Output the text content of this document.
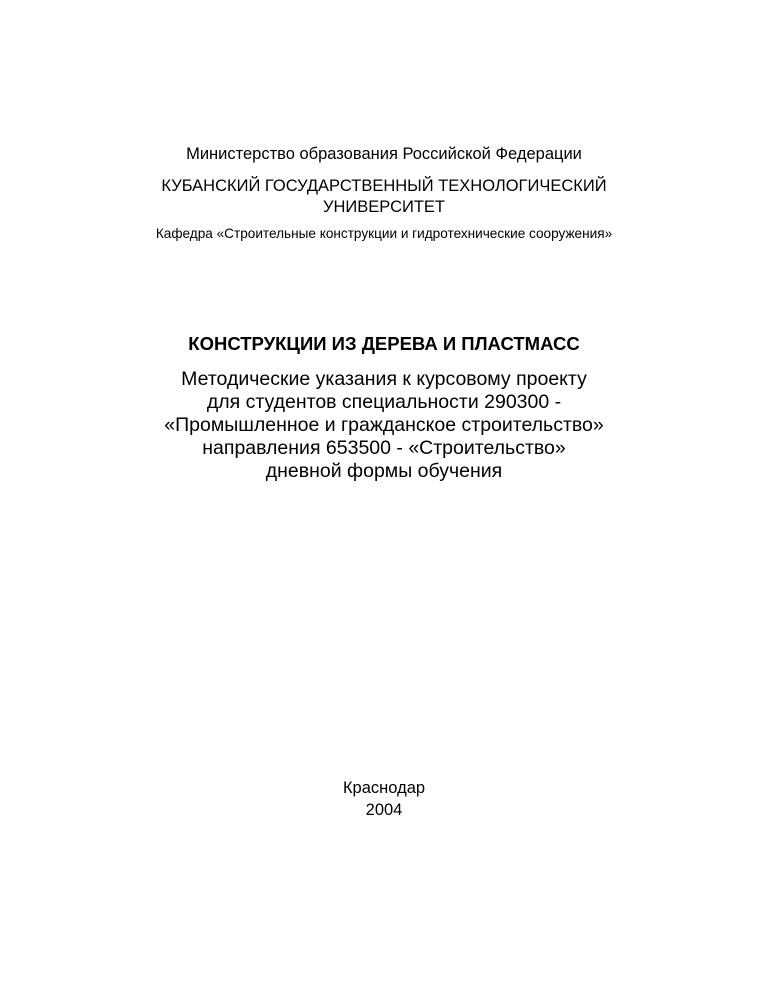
Министерство образования Российской Федерации
КУБАНСКИЙ ГОСУДАРСТВЕННЫЙ ТЕХНОЛОГИЧЕСКИЙ
УНИВЕРСИТЕТ
Кафедра «Строительные конструкции и гидротехнические сооружения»
КОНСТРУКЦИИ ИЗ ДЕРЕВА И ПЛАСТМАСС
Методические указания к курсовому проекту
для студентов специальности 290300 -
«Промышленное и гражданское строительство»
направления 653500 - «Строительство»
дневной формы обучения
Краснодар
2004
